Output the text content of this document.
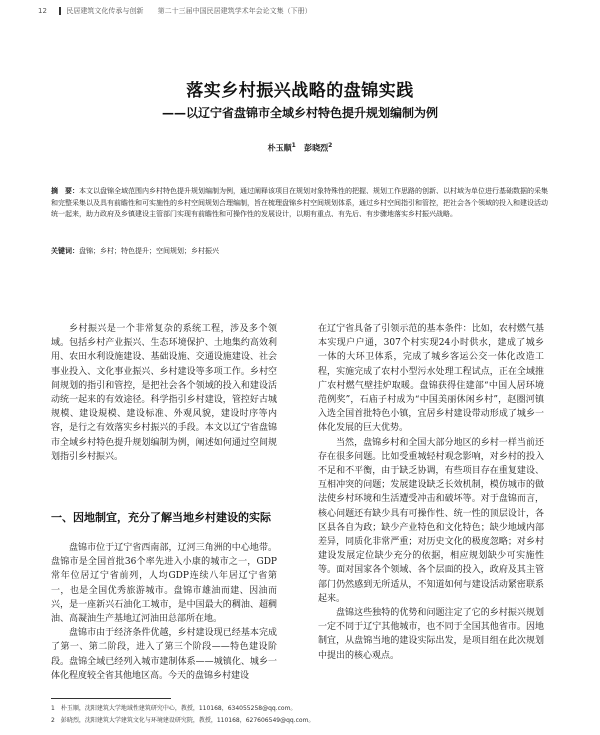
12	民居建筑文化传承与创新 第二十三届中国民居建筑学术年会论文集（下册）
落实乡村振兴战略的盘锦实践
——以辽宁省盘锦市全域乡村特色提升规划编制为例
朴玉顺$^1$ 彭晓烈$^2$
摘　要：本文以盘锦全域范围内乡村特色提升规划编制为例，通过阐释该项目在规划对象特殊性的把握、规划工作思路的创新、以村域为单位进行基础数据的采集和完整采集以及具有前瞻性和可实施性的乡村空间规划合理编制，旨在梳理盘锦乡村空间规划体系，通过乡村空间指引和管控，把社会各个领域的投入和建设活动统一起来，助力政府及乡镇建设主管部门实现有前瞻性和可操作性的发展设计，以期有重点、有先后、有步骤地落实乡村振兴战略。
关键词：盘锦；乡村；特色提升；空间规划；乡村振兴

乡村振兴是一个非常复杂的系统工程，涉及多个领域。包括乡村产业振兴、生态环境保护、土地集约高效利用、农田水利设施建设、基础设施、交通设施建设、社会事业投入、文化事业振兴、乡村建设等多项工作。乡村空间规划的指引和管控，是把社会各个领域的投入和建设活动统一起来的有效途径。科学指引乡村建设，管控好古城规模、建设規模、建设标准、外观风貌，建设时序等内容，是行之有效落实乡村振兴的手段。本文以辽宁省盘锦市全域乡村特色提升规划编制为例，阐述如何通过空间规划指引乡村振兴。

一、因地制宜，充分了解当地乡村建设的实际

盘锦市位于辽宁省西南部，辽河三角洲的中心地带。盘锦市是全国首批36个率先进入小康的城市之一，GDP常年位居辽宁省前列，人均GDP连续八年居辽宁省第一，也是全国优秀旅游城市。盘锦市雄油而建、因油而兴，是一座新兴石油化工城市，是中国最大的稠油、超稠油、高凝油生产基地辽河油田总部所在地。

盘锦市由于经济条件优越，乡村建设现已经基本完成了第一、第二阶段，进入了第三个阶段——特色建设阶段。盘锦全域已经列入城市建制体系——城镇化、城乡一体化程度较全省其他地区高。今天的盘锦乡村建设

在辽宁省具备了引领示范的基本条件：比如，农村燃气基本实现户户通，307个村实现24小时供水，建成了城乡一体的大环卫体系，完成了城乡客运公交一体化改造工程，实施完成了农村小型污水处理工程试点，正在全域推广农村燃气壁挂炉取暖。盘锦获得住建部“中国人居环境范例奖”，石庙子村成为“中国美丽休闲乡村”，赵圈河镇入选全国首批特色小镇，宜居乡村建设带动形成了城乡一体化发展的巨大优势。

当然，盘锦乡村和全国大部分地区的乡村一样当前还存在很多问题。比如受重城轻村观念影响，对乡村的投入不足和不平衡，由于缺乏协调，有些项目存在重复建设、互相冲突的问题；发展建设缺乏长效机制，模仿城市的做法使乡村环境和生活遭受冲击和破坏等。对于盘锦而言，核心问题还有缺少具有可操作性、统一性的顶层设计，各区县各自为政；缺少产业特色和文化特色；缺少地域内部差异，同质化非常严重；对历史文化的极度忽略；对乡村建设发展定位缺少充分的依据，相应规划缺少可实施性等。面对国家各个领域、各个层面的投入，政府及其主管部门仍然感到无所适从，不知道如何与建设活动紧密联系起来。

盘锦这些独特的优势和问题注定了它的乡村振兴规划一定不同于辽宁其他城市，也不同于全国其他省市。因地制宜，从盘锦当地的建设实际出发，是项目组在此次规划中提出的核心观点。

1　朴玉顺，沈阳建筑大学地域性建筑研究中心，教授，110168，634055258@qq.com。
2　彭晓烈，沈阳建筑大学建筑文化与环境建设研究院，教授，110168，627606549@qq.com。
